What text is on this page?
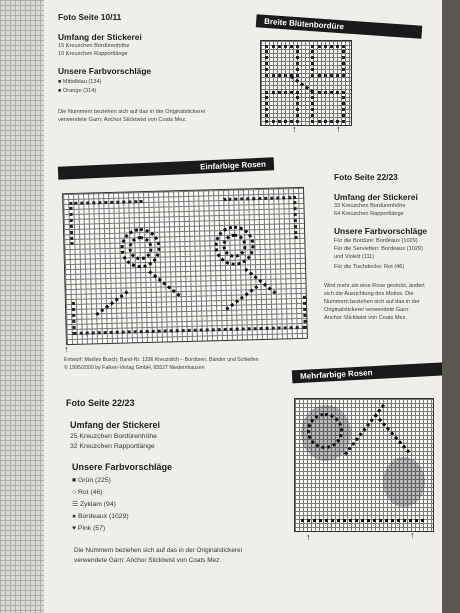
Foto Seite 10/11
Umfang der Stickerei
15 Kreuzchen Bordürenhöhe
10 Kreuzchen Rapportlänge
Unsere Farbvorschläge
■ Mittelblau (134)
■ Orange (314)
Die Nummern beziehen sich auf das in der Originalstickerei
verwendete Garn: Anchor Sticktwist von Coats Mez.
Breite Blütenbordüre
↑	↑
Einfarbige Rosen
↑
Entwurf: Marlies Busch; Band-Nr. 1336 Kreuzstich – Bordüren, Bänder und Schleifen
© 1995/2000 by Falken-Verlag GmbH, 65527 Niedernhausen
Foto Seite 22/23
Umfang der Stickerei
33 Kreuzchen Bordürenhöhe
64 Kreuzchen Rapportlänge
Unsere Farbvorschläge
Für die Bordüre: Bordeaux (1029)
Für die Servietten: Bordeaux (1029)
und Violett (111)
Für die Tischdecke: Rot (46)
Wird mehr als eine Rose gestickt, ändert
sich die Ausrichtung des Motivs. Die
Nummern beziehen sich auf das in der
Originalstickerei verwendete Garn:
Anchor Sticktwist von Coats Mez.
Mehrfarbige Rosen
↑	↑
Foto Seite 22/23
Umfang der Stickerei
25 Kreuzchen Bordürenhöhe
32 Kreuzchen Rapportlänge
Unsere Farbvorschläge
■ Grün (225)
○ Rot (46)
☰ Zyklam (94)
● Bordeaux (1029)
♥ Pink (57)
Die Nummern beziehen sich auf das in der Originalstickerei
verwendete Garn: Anchor Sticktwist von Coats Mez.
